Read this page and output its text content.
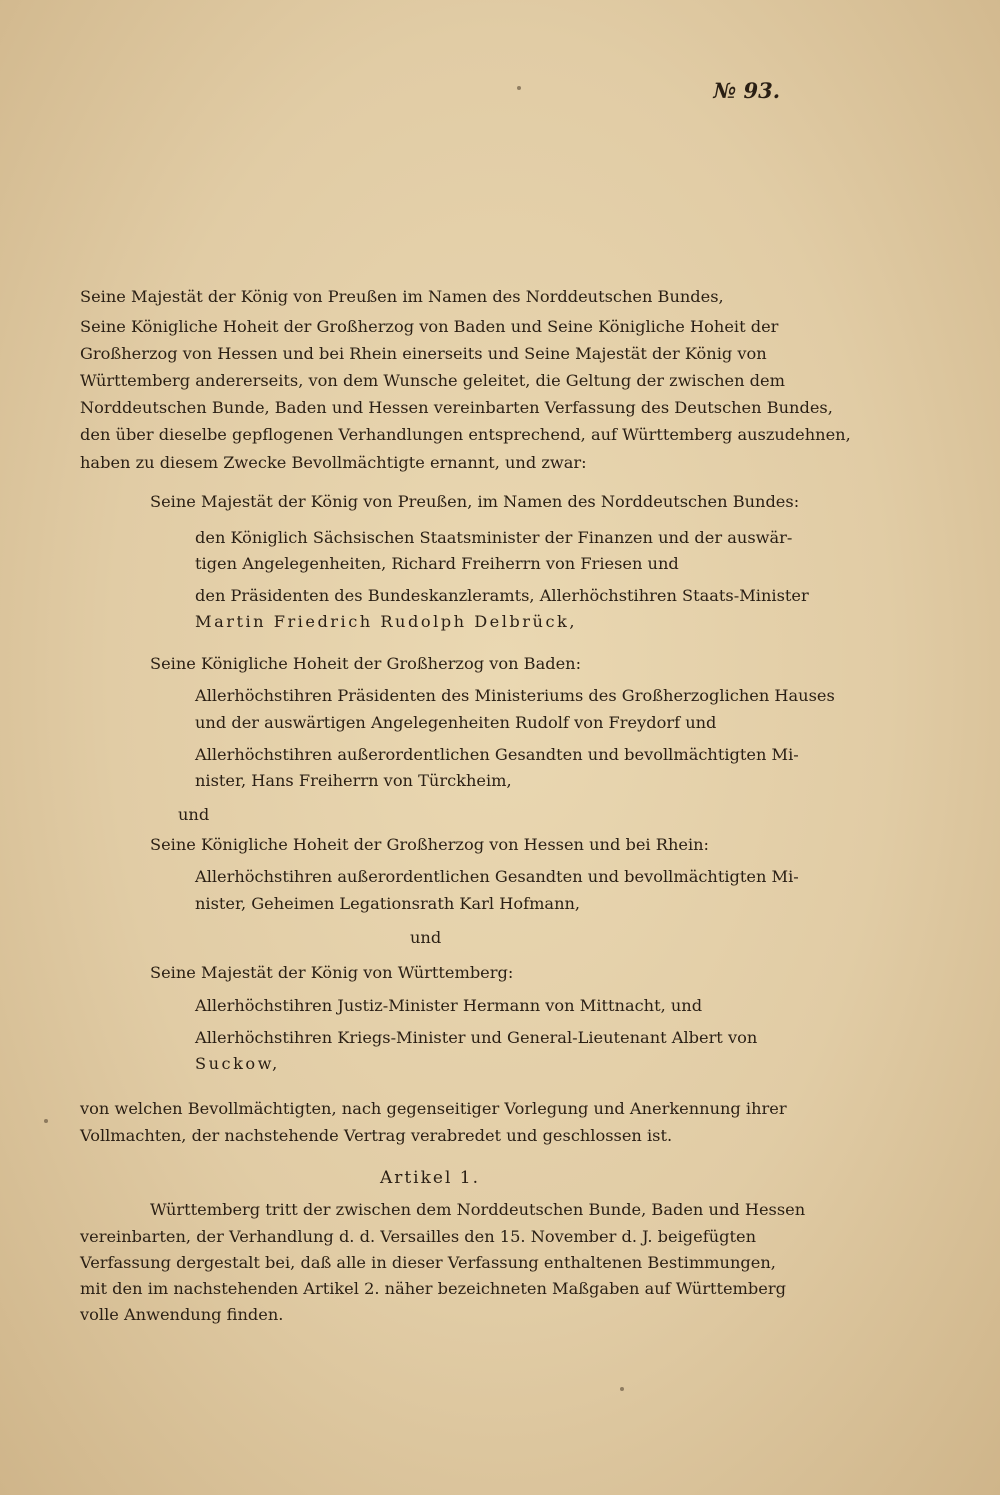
№ 93.
Seine Majestät der König von Preußen im Namen des Norddeutschen Bundes,
Seine Königliche Hoheit der Großherzog von Baden und Seine Königliche Hoheit der
Großherzog von Hessen und bei Rhein einerseits und Seine Majestät der König von
Württemberg andererseits, von dem Wunsche geleitet, die Geltung der zwischen dem
Norddeutschen Bunde, Baden und Hessen vereinbarten Verfassung des Deutschen Bundes,
den über dieselbe gepflogenen Verhandlungen entsprechend, auf Württemberg auszudehnen,
haben zu diesem Zwecke Bevollmächtigte ernannt, und zwar:
Seine Majestät der König von Preußen, im Namen des Norddeutschen Bundes:
den Königlich Sächsischen Staatsminister der Finanzen und der auswär-
tigen Angelegenheiten, Richard Freiherrn von Friesen und
den Präsidenten des Bundeskanzleramts, Allerhöchstihren Staats-Minister
Martin Friedrich Rudolph Delbrück,
Seine Königliche Hoheit der Großherzog von Baden:
Allerhöchstihren Präsidenten des Ministeriums des Großherzoglichen Hauses
und der auswärtigen Angelegenheiten Rudolf von Freydorf und
Allerhöchstihren außerordentlichen Gesandten und bevollmächtigten Mi-
nister, Hans Freiherrn von Türckheim,
und
Seine Königliche Hoheit der Großherzog von Hessen und bei Rhein:
Allerhöchstihren außerordentlichen Gesandten und bevollmächtigten Mi-
nister, Geheimen Legationsrath Karl Hofmann,
und
Seine Majestät der König von Württemberg:
Allerhöchstihren Justiz-Minister Hermann von Mittnacht, und
Allerhöchstihren Kriegs-Minister und General-Lieutenant Albert von
Suckow,
von welchen Bevollmächtigten, nach gegenseitiger Vorlegung und Anerkennung ihrer
Vollmachten, der nachstehende Vertrag verabredet und geschlossen ist.
Artikel 1.
Württemberg tritt der zwischen dem Norddeutschen Bunde, Baden und Hessen
vereinbarten, der Verhandlung d. d. Versailles den 15. November d. J. beigefügten
Verfassung dergestalt bei, daß alle in dieser Verfassung enthaltenen Bestimmungen,
mit den im nachstehenden Artikel 2. näher bezeichneten Maßgaben auf Württemberg
volle Anwendung finden.
